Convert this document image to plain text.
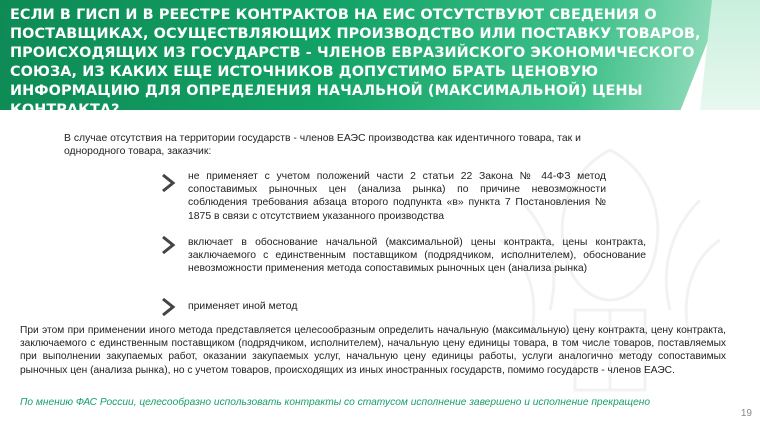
ЕСЛИ В ГИСП И В РЕЕСТРЕ КОНТРАКТОВ НА ЕИС ОТСУТСТВУЮТ СВЕДЕНИЯ О ПОСТАВЩИКАХ, ОСУЩЕСТВЛЯЮЩИХ ПРОИЗВОДСТВО ИЛИ ПОСТАВКУ ТОВАРОВ, ПРОИСХОДЯЩИХ ИЗ ГОСУДАРСТВ - ЧЛЕНОВ ЕВРАЗИЙСКОГО ЭКОНОМИЧЕСКОГО СОЮЗА, ИЗ КАКИХ ЕЩЕ ИСТОЧНИКОВ ДОПУСТИМО БРАТЬ ЦЕНОВУЮ ИНФОРМАЦИЮ ДЛЯ ОПРЕДЕЛЕНИЯ НАЧАЛЬНОЙ (МАКСИМАЛЬНОЙ) ЦЕНЫ КОНТРАКТА?
В случае отсутствия на территории государств - членов ЕАЭС производства как идентичного товара, так и однородного товара, заказчик:
не применяет с учетом положений части 2 статьи 22 Закона № 44-ФЗ метод сопоставимых рыночных цен (анализа рынка) по причине невозможности соблюдения требования абзаца второго подпункта «в» пункта 7 Постановления № 1875 в связи с отсутствием указанного производства
включает в обоснование начальной (максимальной) цены контракта, цены контракта, заключаемого с единственным поставщиком (подрядчиком, исполнителем), обоснование невозможности применения метода сопоставимых рыночных цен (анализа рынка)
применяет иной метод
При этом при применении иного метода представляется целесообразным определить начальную (максимальную) цену контракта, цену контракта, заключаемого с единственным поставщиком (подрядчиком, исполнителем), начальную цену единицы товара, в том числе товаров, поставляемых при выполнении закупаемых работ, оказании закупаемых услуг, начальную цену единицы работы, услуги аналогично методу сопоставимых рыночных цен (анализа рынка), но с учетом товаров, происходящих из иных иностранных государств, помимо государств - членов ЕАЭС.
По мнению ФАС России, целесообразно использовать контракты со статусом исполнение завершено и исполнение прекращено
19
